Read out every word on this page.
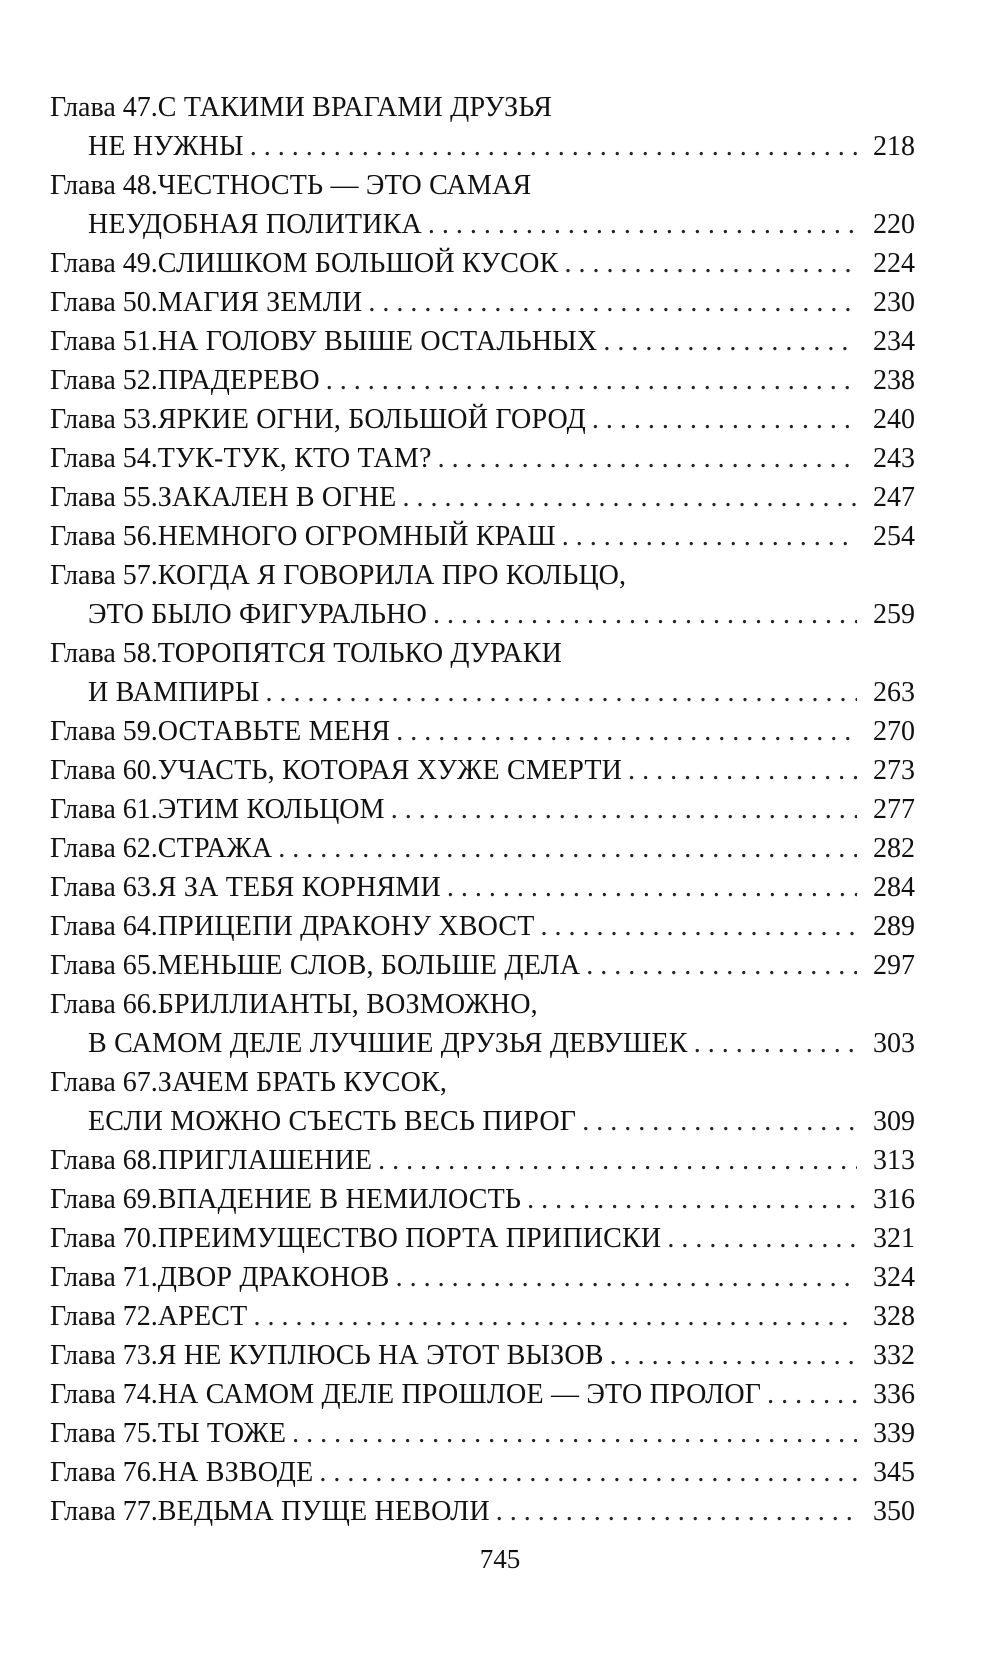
Глава 47. С ТАКИМИ ВРАГАМИ ДРУЗЬЯ
НЕ НУЖНЫ . . .	218
Глава 48. ЧЕСТНОСТЬ — ЭТО САМАЯ
НЕУДОБНАЯ ПОЛИТИКА . . .	220
Глава 49. СЛИШКОМ БОЛЬШОЙ КУСОК . . .	224
Глава 50. МАГИЯ ЗЕМЛИ . . .	230
Глава 51. НА ГОЛОВУ ВЫШЕ ОСТАЛЬНЫХ . . .	234
Глава 52. ПРАДЕРЕВО . . .	238
Глава 53. ЯРКИЕ ОГНИ, БОЛЬШОЙ ГОРОД . . .	240
Глава 54. ТУК-ТУК, КТО ТАМ? . . .	243
Глава 55. ЗАКАЛЕН В ОГНЕ . . .	247
Глава 56. НЕМНОГО ОГРОМНЫЙ КРАШ . . .	254
Глава 57. КОГДА Я ГОВОРИЛА ПРО КОЛЬЦО,
ЭТО БЫЛО ФИГУРАЛЬНО . . .	259
Глава 58. ТОРОПЯТСЯ ТОЛЬКО ДУРАКИ
И ВАМПИРЫ . . .	263
Глава 59. ОСТАВЬТЕ МЕНЯ . . .	270
Глава 60. УЧАСТЬ, КОТОРАЯ ХУЖЕ СМЕРТИ . . .	273
Глава 61. ЭТИМ КОЛЬЦОМ . . .	277
Глава 62. СТРАЖА . . .	282
Глава 63. Я ЗА ТЕБЯ КОРНЯМИ . . .	284
Глава 64. ПРИЦЕПИ ДРАКОНУ ХВОСТ . . .	289
Глава 65. МЕНЬШЕ СЛОВ, БОЛЬШЕ ДЕЛА . . .	297
Глава 66. БРИЛЛИАНТЫ, ВОЗМОЖНО,
В САМОМ ДЕЛЕ ЛУЧШИЕ ДРУЗЬЯ ДЕВУШЕК . . .	303
Глава 67. ЗАЧЕМ БРАТЬ КУСОК,
ЕСЛИ МОЖНО СЪЕСТЬ ВЕСЬ ПИРОГ . . .	309
Глава 68. ПРИГЛАШЕНИЕ . . .	313
Глава 69. ВПАДЕНИЕ В НЕМИЛОСТЬ . . .	316
Глава 70. ПРЕИМУЩЕСТВО ПОРТА ПРИПИСКИ . . .	321
Глава 71. ДВОР ДРАКОНОВ . . .	324
Глава 72. АРЕСТ . . .	328
Глава 73. Я НЕ КУПЛЮСЬ НА ЭТОТ ВЫЗОВ . . .	332
Глава 74. НА САМОМ ДЕЛЕ ПРОШЛОЕ — ЭТО ПРОЛОГ . . .	336
Глава 75. ТЫ ТОЖЕ . . .	339
Глава 76. НА ВЗВОДЕ . . .	345
Глава 77. ВЕДЬМА ПУЩЕ НЕВОЛИ . . .	350
745
